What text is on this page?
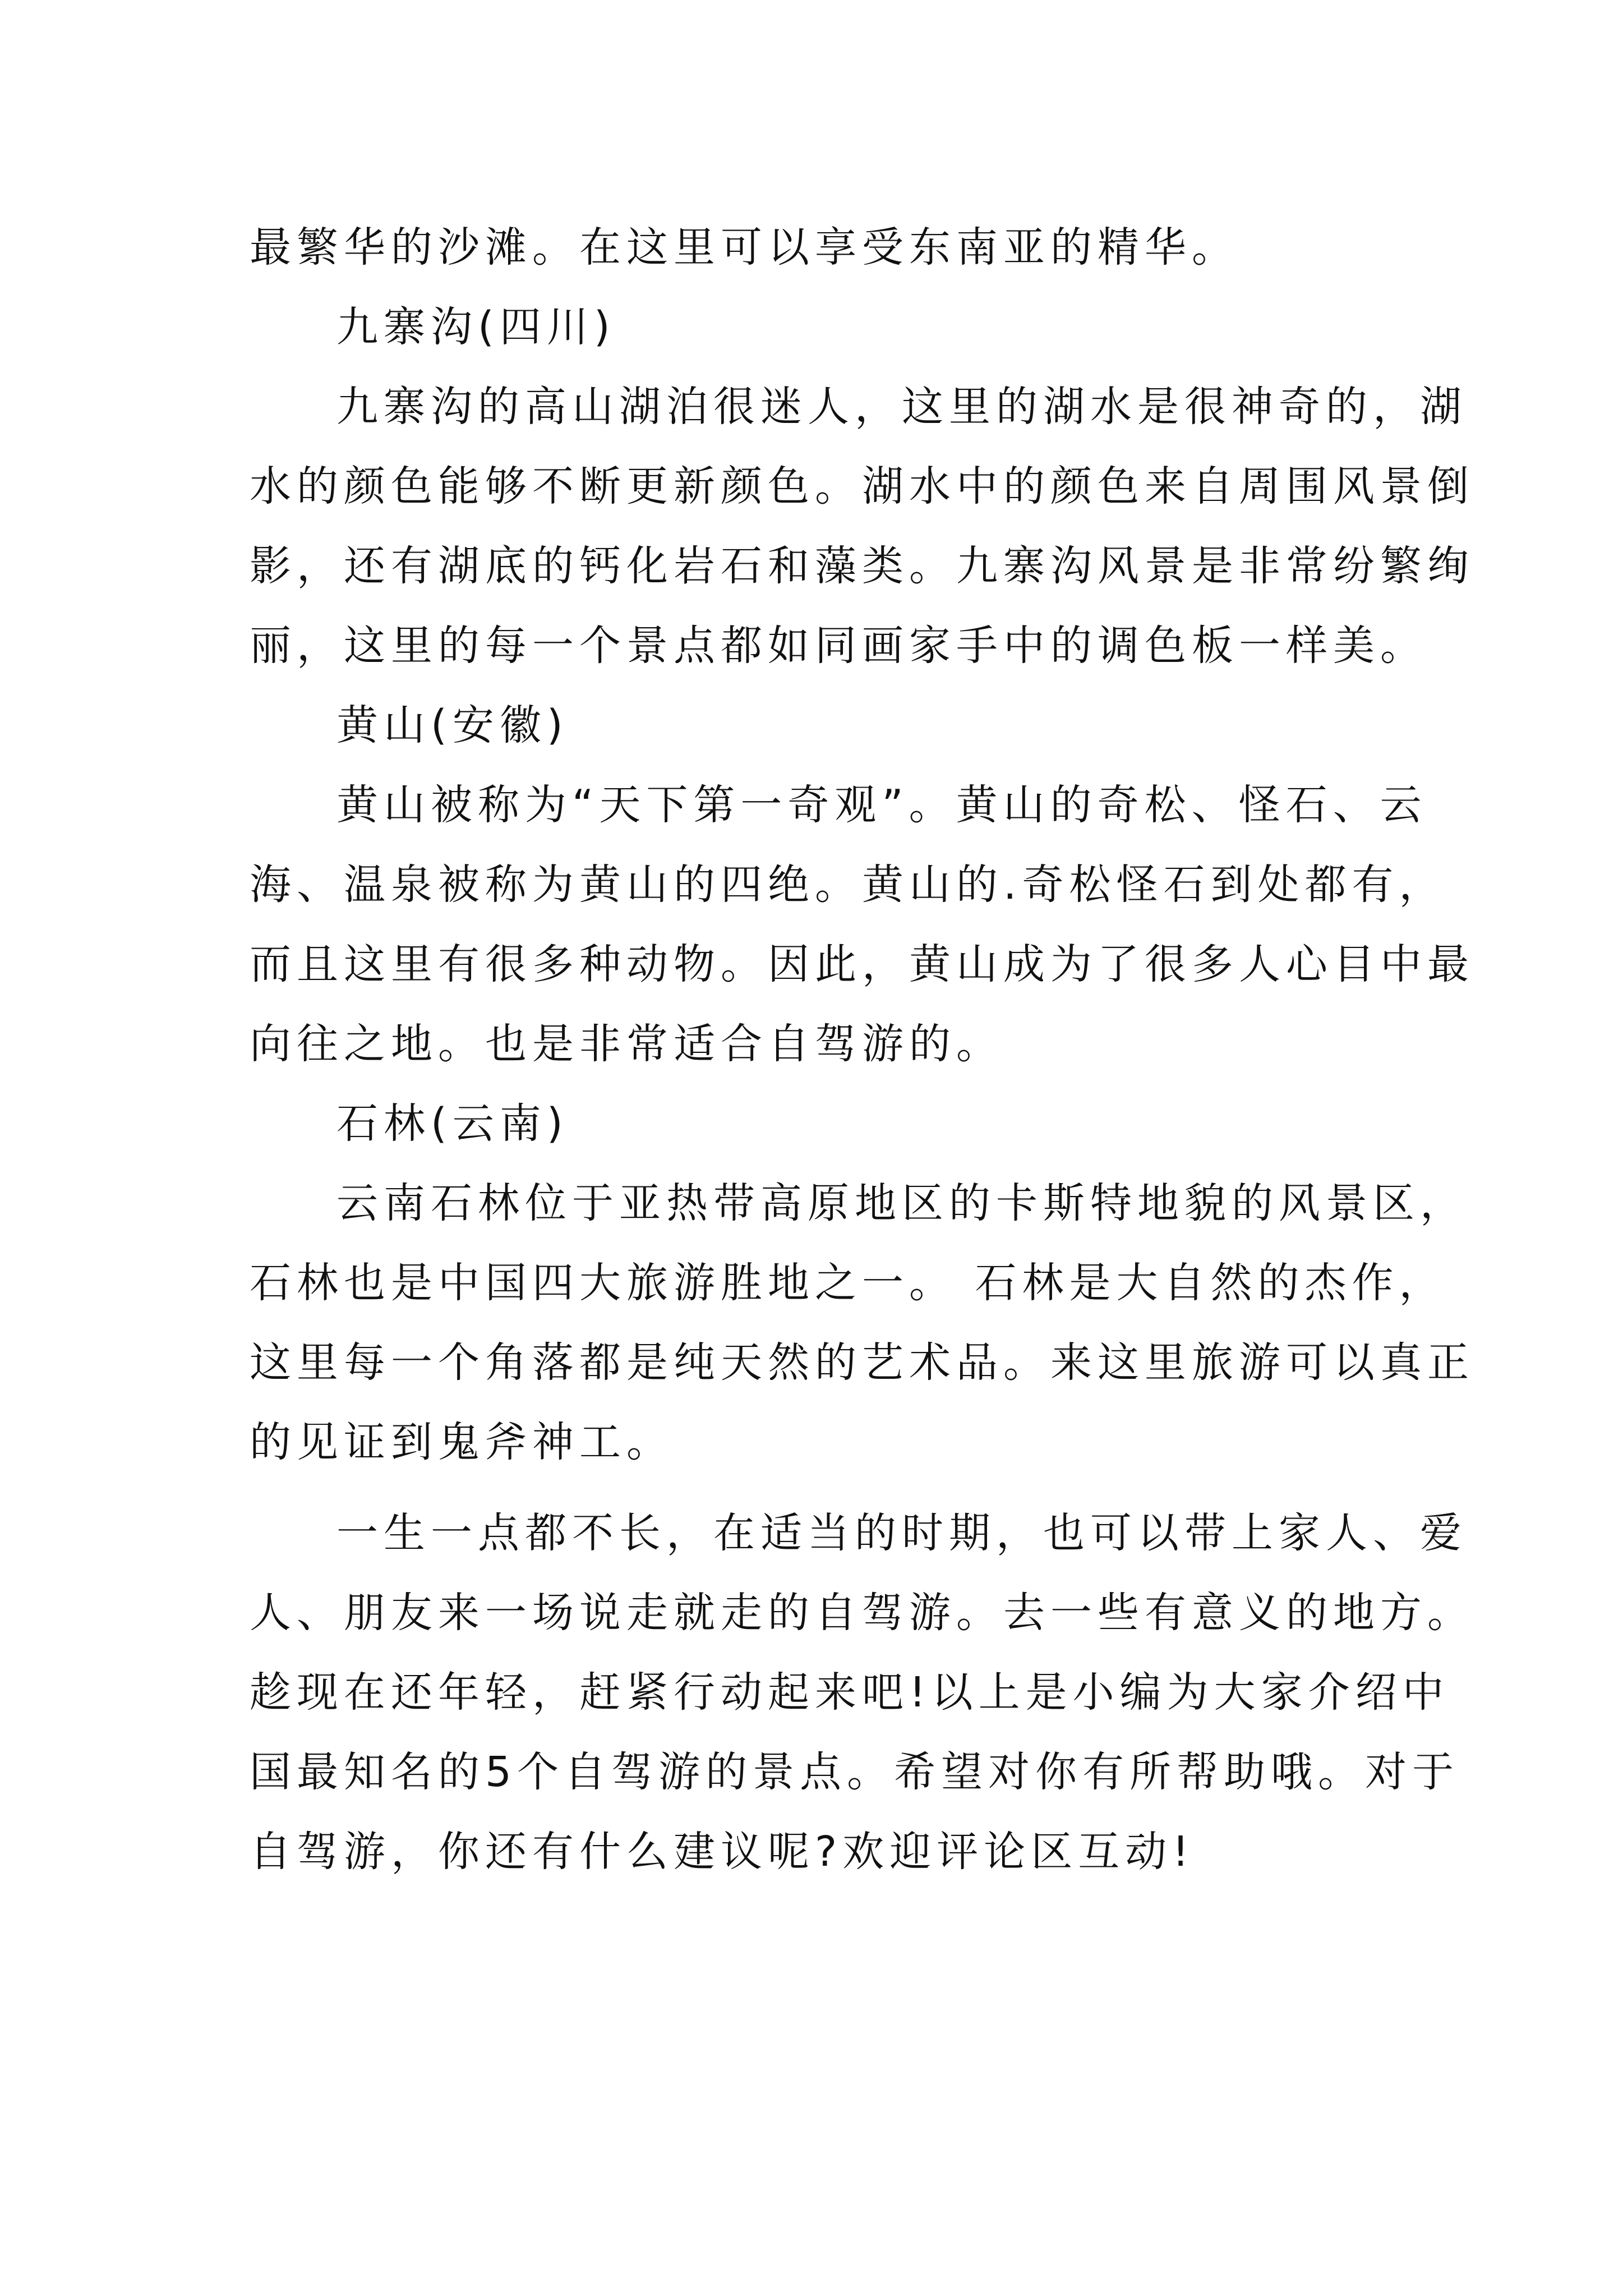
最繁华的沙滩。在这里可以享受东南亚的精华。
九寨沟(四川)
九寨沟的高山湖泊很迷人，这里的湖水是很神奇的，湖
水的颜色能够不断更新颜色。湖水中的颜色来自周围风景倒
影，还有湖底的钙化岩石和藻类。九寨沟风景是非常纷繁绚
丽，这里的每一个景点都如同画家手中的调色板一样美。
黄山(安徽)
黄山被称为“天下第一奇观”。黄山的奇松、怪石、云
海、温泉被称为黄山的四绝。黄山的.奇松怪石到处都有，
而且这里有很多种动物。因此，黄山成为了很多人心目中最
向往之地。也是非常适合自驾游的。
石林(云南)
云南石林位于亚热带高原地区的卡斯特地貌的风景区，
石林也是中国四大旅游胜地之一。 石林是大自然的杰作，
这里每一个角落都是纯天然的艺术品。来这里旅游可以真正
的见证到鬼斧神工。
一生一点都不长，在适当的时期，也可以带上家人、爱
人、朋友来一场说走就走的自驾游。去一些有意义的地方。
趁现在还年轻，赶紧行动起来吧!以上是小编为大家介绍中
国最知名的5个自驾游的景点。希望对你有所帮助哦。对于
自驾游，你还有什么建议呢?欢迎评论区互动!
